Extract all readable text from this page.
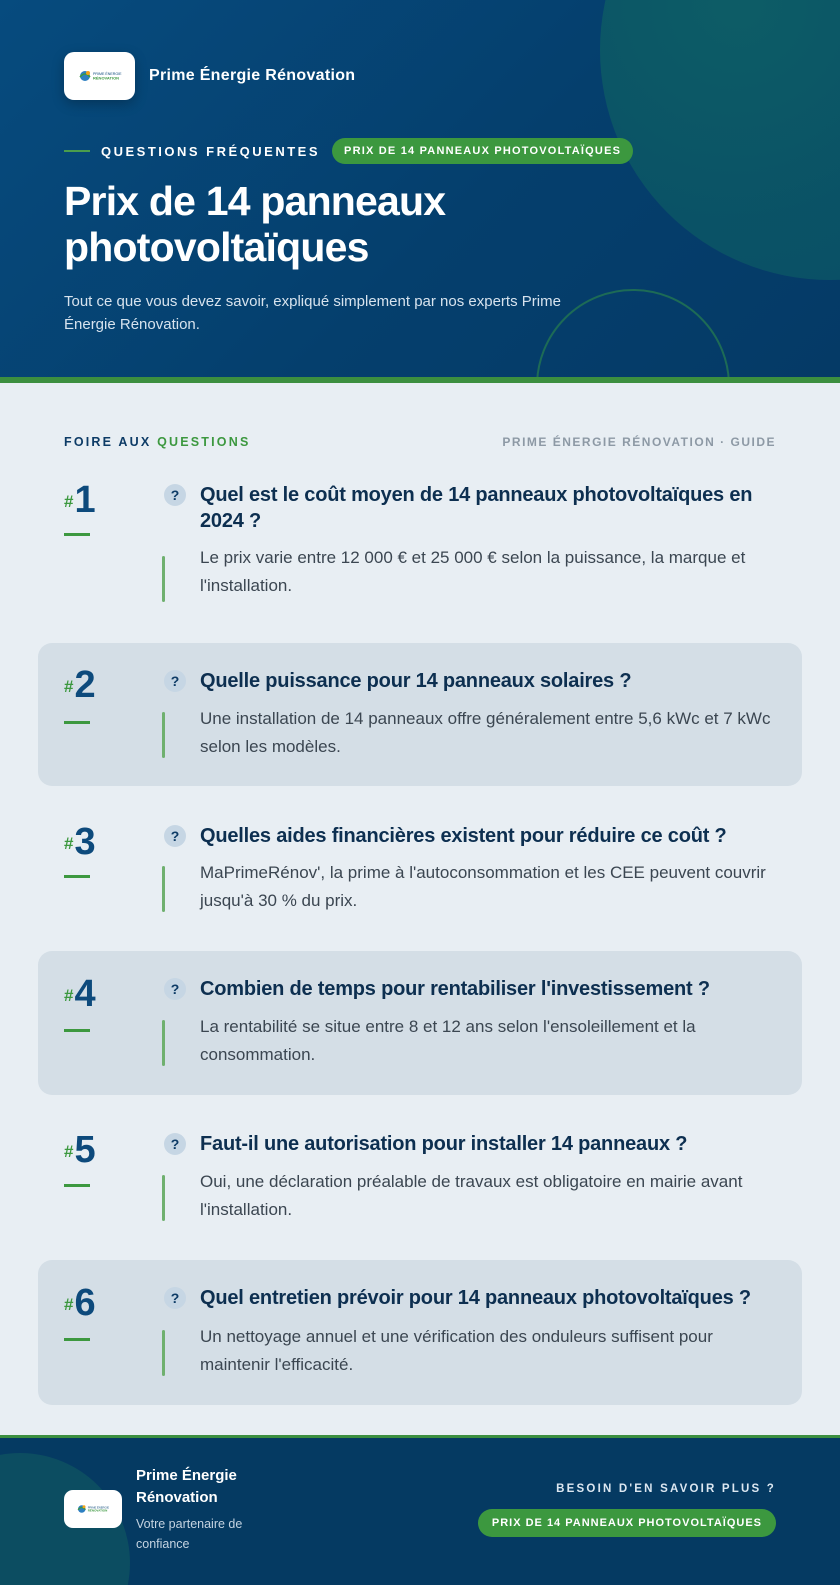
PRIME ÉNERGIE
RÉNOVATION Prime Énergie Rénovation
QUESTIONS FRÉQUENTES	PRIX DE 14 PANNEAUX PHOTOVOLTAÏQUES
Prix de 14 panneaux photovoltaïques

Tout ce que vous devez savoir, expliqué simplement par nos experts Prime Énergie Rénovation.

FOIRE AUX QUESTIONS	PRIME ÉNERGIE RÉNOVATION · GUIDE
#1	?	Quel est le coût moyen de 14 panneaux photovoltaïques en 2024 ?

Le prix varie entre 12 000 € et 25 000 € selon la puissance, la marque et l'installation.

#2	?	Quelle puissance pour 14 panneaux solaires ?

Une installation de 14 panneaux offre généralement entre 5,6 kWc et 7 kWc selon les modèles.

#3	?	Quelles aides financières existent pour réduire ce coût ?

MaPrimeRénov', la prime à l'autoconsommation et les CEE peuvent couvrir jusqu'à 30 % du prix.

#4	?	Combien de temps pour rentabiliser l'investissement ?

La rentabilité se situe entre 8 et 12 ans selon l'ensoleillement et la consommation.

#5	?	Faut-il une autorisation pour installer 14 panneaux ?

Oui, une déclaration préalable de travaux est obligatoire en mairie avant l'installation.

#6	?	Quel entretien prévoir pour 14 panneaux photovoltaïques ?

Un nettoyage annuel et une vérification des onduleurs suffisent pour maintenir l'efficacité.

PRIME ÉNERGIE
RÉNOVATION
Prime Énergie Rénovation
Votre partenaire de confiance
BESOIN D'EN SAVOIR PLUS ?
PRIX DE 14 PANNEAUX PHOTOVOLTAÏQUES
